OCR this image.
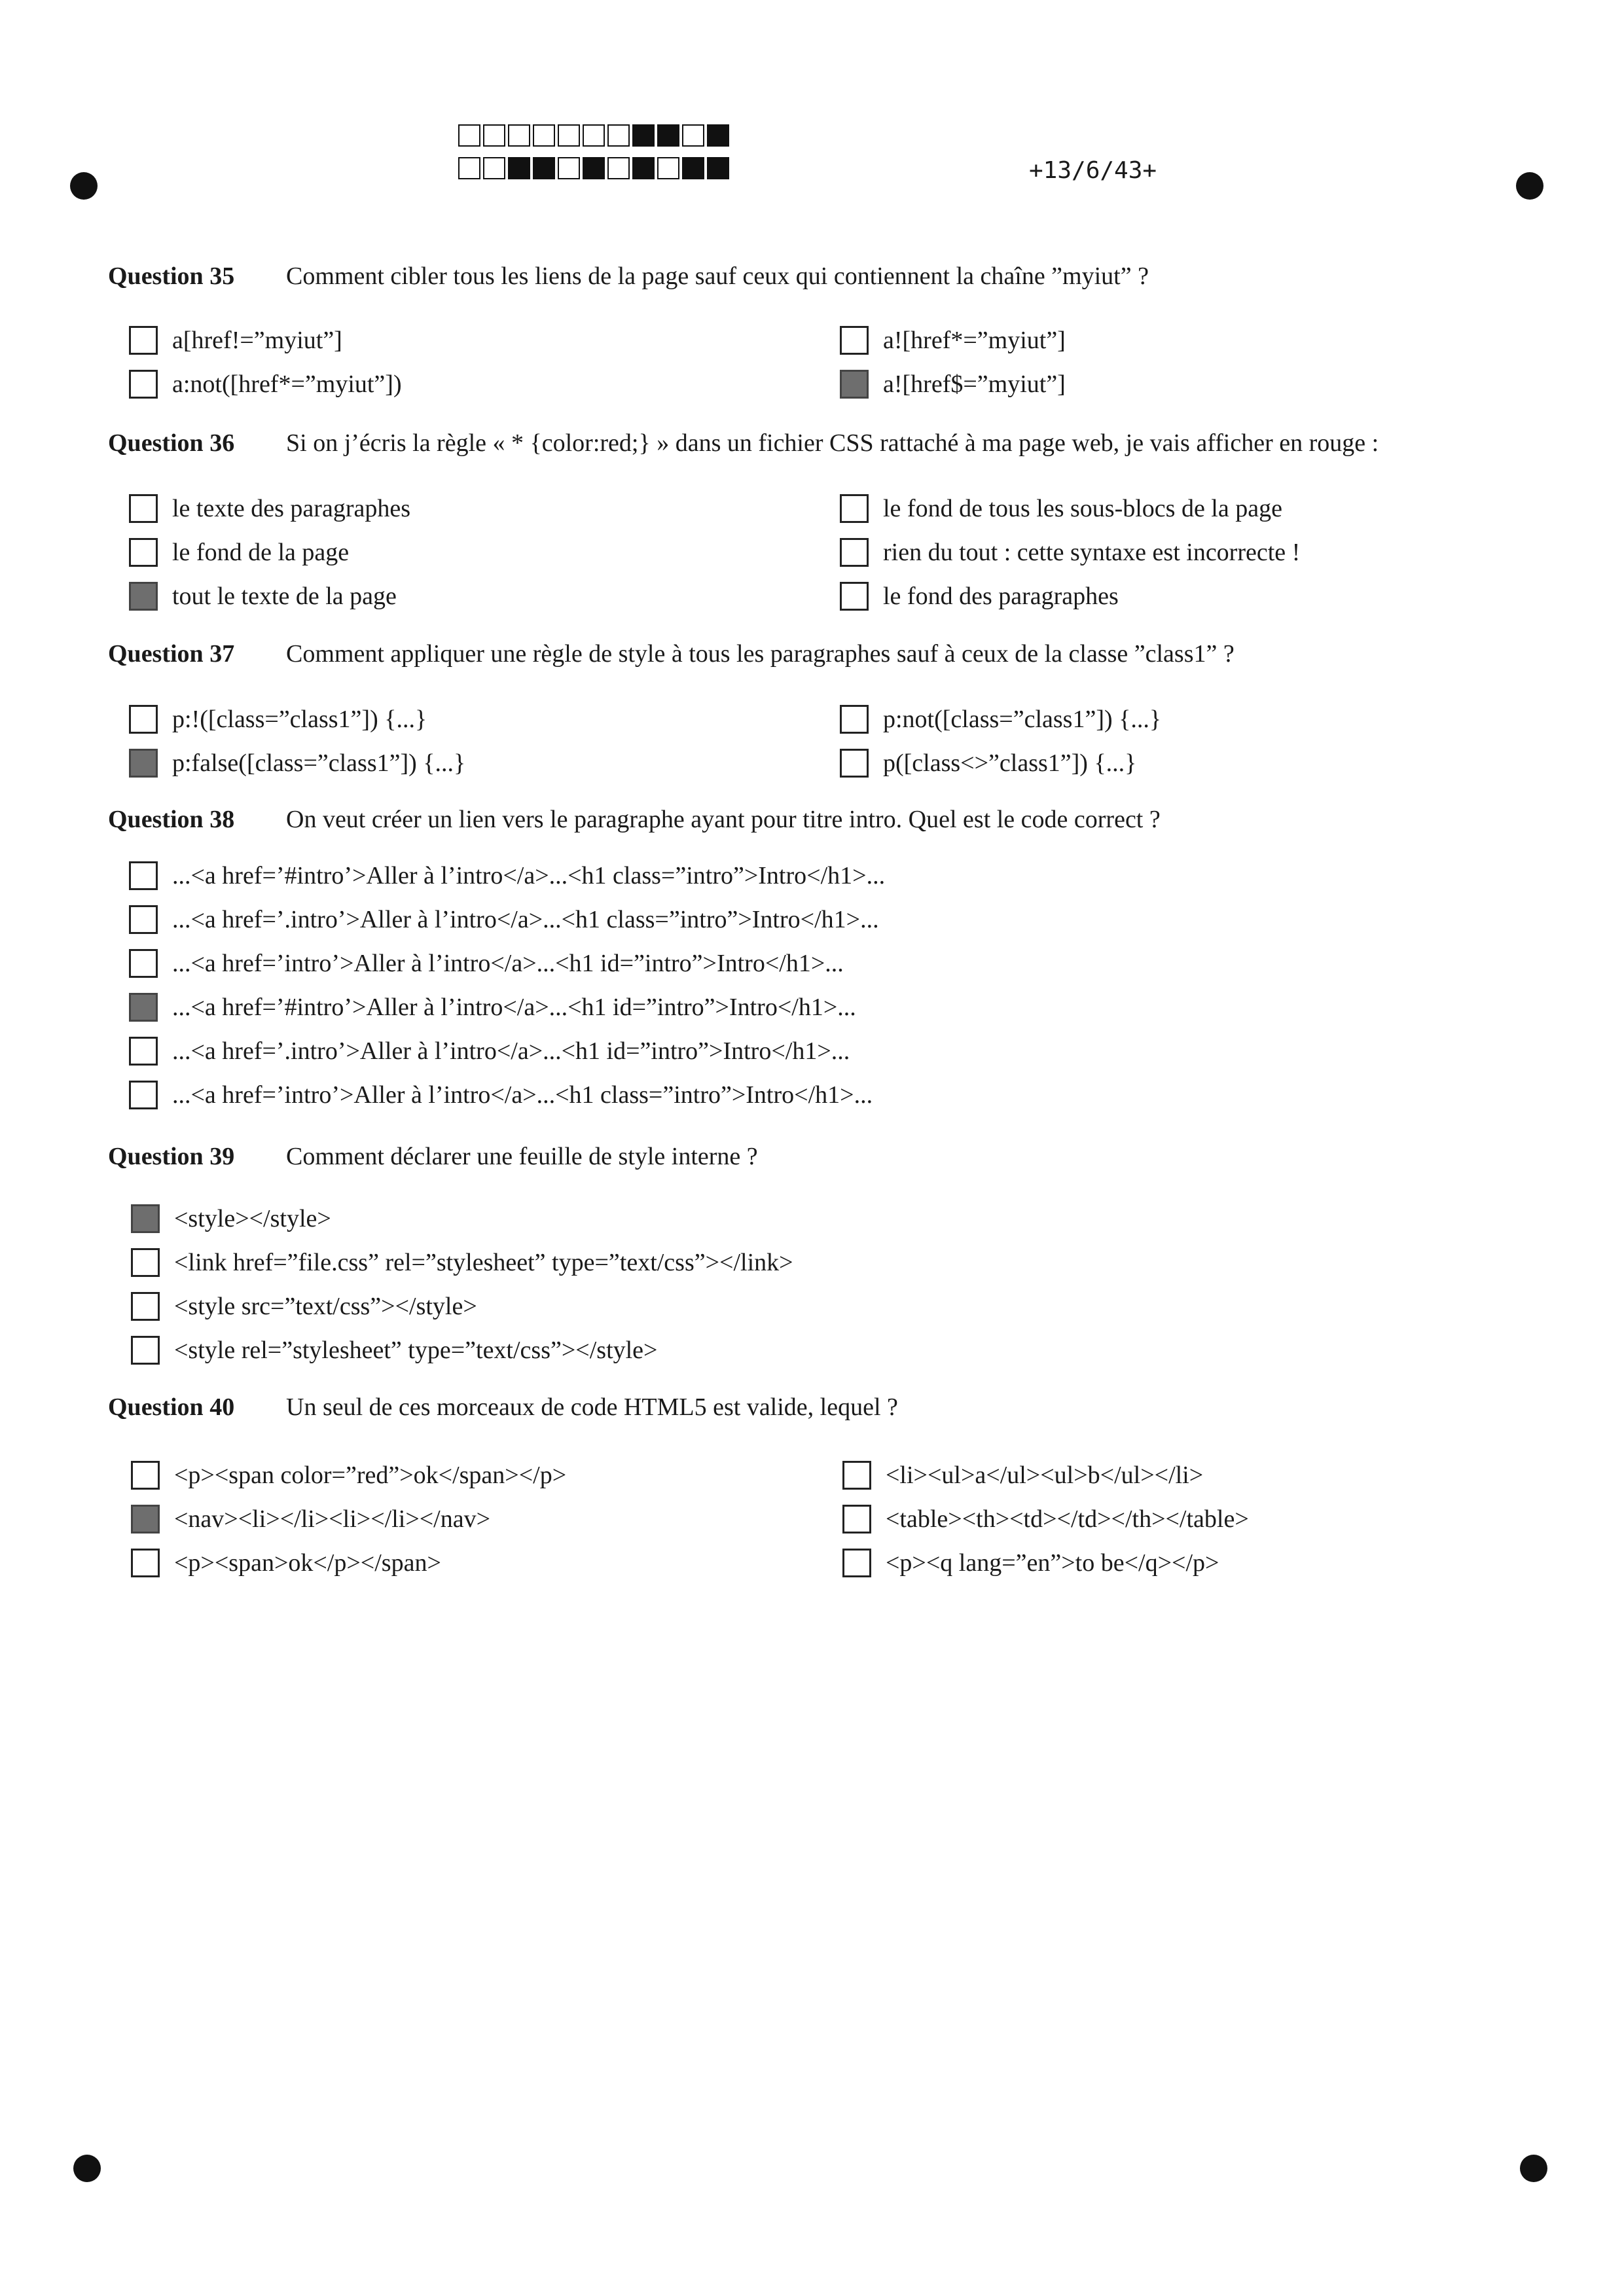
+13/6/43+
Question 35 Comment cibler tous les liens de la page sauf ceux qui contiennent la chaîne ”myiut” ?
a[href!=”myiut”]
a:not([href*=”myiut”])
a![href*=”myiut”]
a![href$=”myiut”]
Question 36 Si on j’écris la règle « * {color:red;} » dans un fichier CSS rattaché à ma page web, je vais afficher en rouge :
le texte des paragraphes
le fond de la page
tout le texte de la page
le fond de tous les sous-blocs de la page
rien du tout : cette syntaxe est incorrecte !
le fond des paragraphes
Question 37 Comment appliquer une règle de style à tous les paragraphes sauf à ceux de la classe ”class1” ?
p:!([class=”class1”]) {...}
p:false([class=”class1”]) {...}
p:not([class=”class1”]) {...}
p([class<>”class1”]) {...}
Question 38 On veut créer un lien vers le paragraphe ayant pour titre intro. Quel est le code correct ?
...<a href=’#intro’>Aller à l’intro</a>...<h1 class=”intro”>Intro</h1>...
...<a href=’.intro’>Aller à l’intro</a>...<h1 class=”intro”>Intro</h1>...
...<a href=’intro’>Aller à l’intro</a>...<h1 id=”intro”>Intro</h1>...
...<a href=’#intro’>Aller à l’intro</a>...<h1 id=”intro”>Intro</h1>...
...<a href=’.intro’>Aller à l’intro</a>...<h1 id=”intro”>Intro</h1>...
...<a href=’intro’>Aller à l’intro</a>...<h1 class=”intro”>Intro</h1>...
Question 39 Comment déclarer une feuille de style interne ?
<style></style>
<link href=”file.css” rel=”stylesheet” type=”text/css”></link>
<style src=”text/css”></style>
<style rel=”stylesheet” type=”text/css”></style>
Question 40 Un seul de ces morceaux de code HTML5 est valide, lequel ?
<p><span color=”red”>ok</span></p>
<nav><li></li><li></li></nav>
<p><span>ok</p></span>
<li><ul>a</ul><ul>b</ul></li>
<table><th><td></td></th></table>
<p><q lang=”en”>to be</q></p>
